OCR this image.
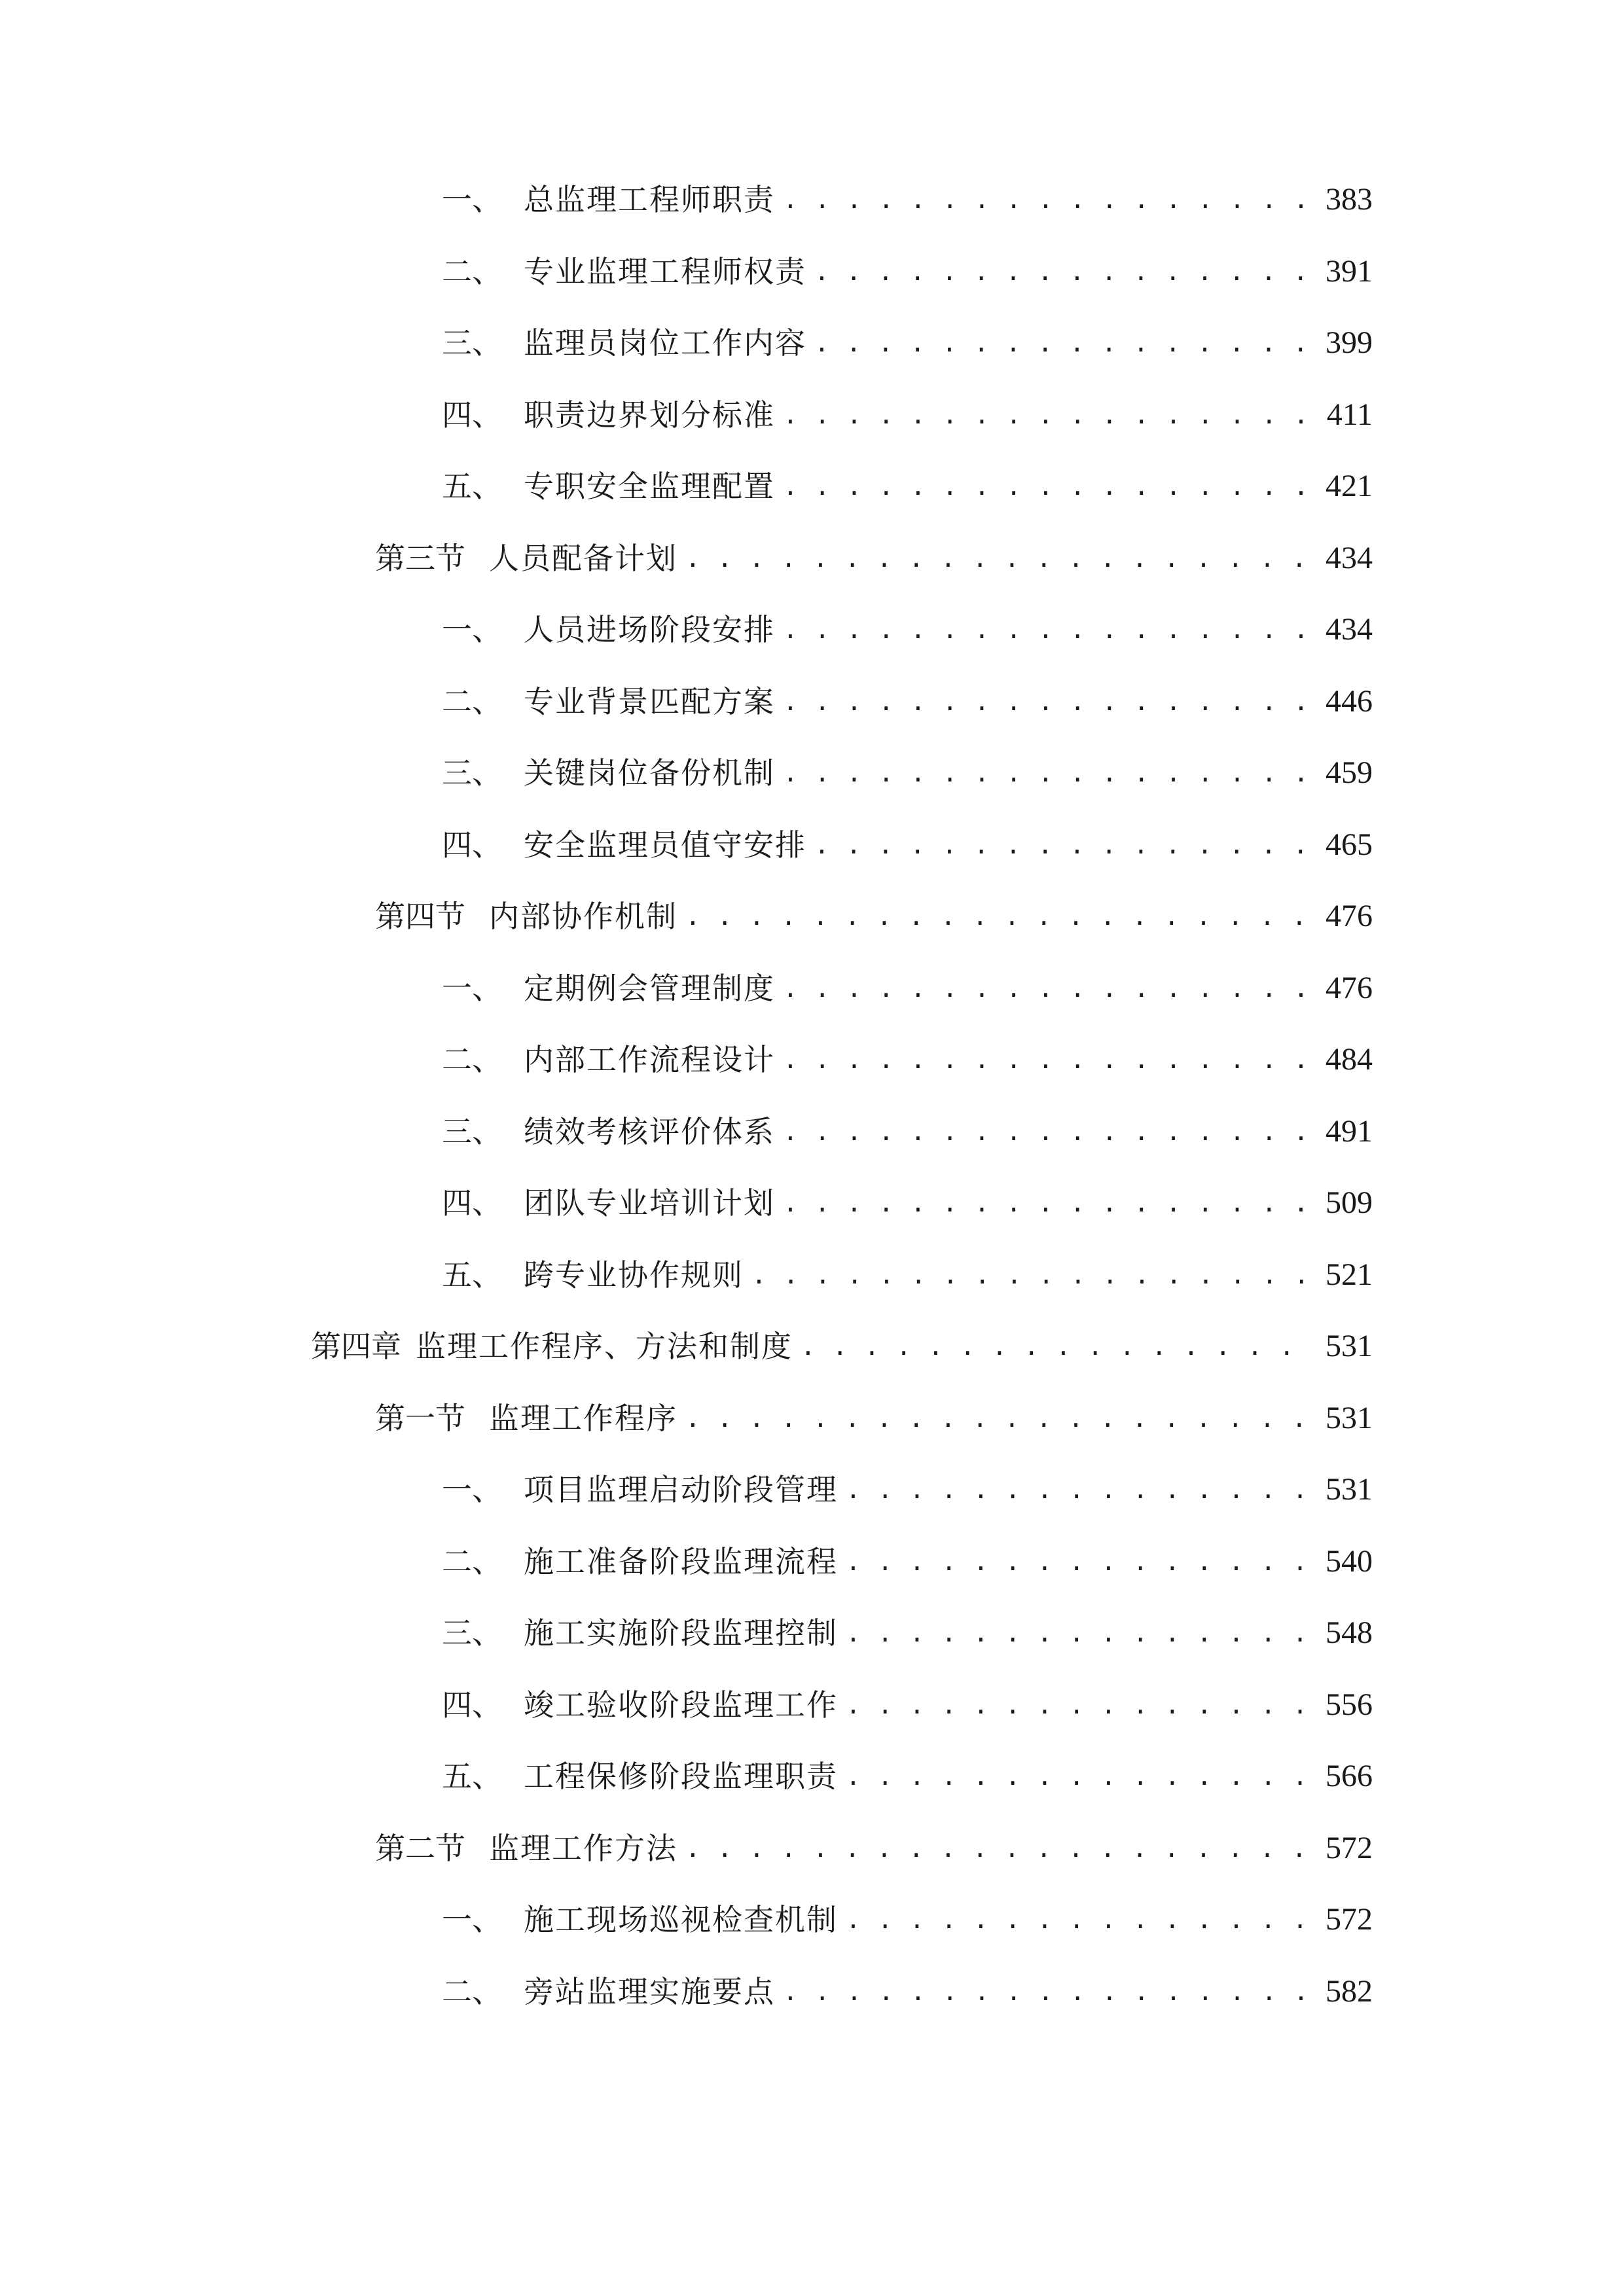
一、 总监理工程师职责 . . .	383
二、 专业监理工程师权责 . . .	391
三、 监理员岗位工作内容 . . .	399
四、 职责边界划分标准 . . .	411
五、 专职安全监理配置 . . .	421
第三节 人员配备计划 . . .	434
一、 人员进场阶段安排 . . .	434
二、 专业背景匹配方案 . . .	446
三、 关键岗位备份机制 . . .	459
四、 安全监理员值守安排 . . .	465
第四节 内部协作机制 . . .	476
一、 定期例会管理制度 . . .	476
二、 内部工作流程设计 . . .	484
三、 绩效考核评价体系 . . .	491
四、 团队专业培训计划 . . .	509
五、 跨专业协作规则 . . .	521
第四章 监理工作程序、方法和制度 . . .	531
第一节 监理工作程序 . . .	531
一、 项目监理启动阶段管理 . . .	531
二、 施工准备阶段监理流程 . . .	540
三、 施工实施阶段监理控制 . . .	548
四、 竣工验收阶段监理工作 . . .	556
五、 工程保修阶段监理职责 . . .	566
第二节 监理工作方法 . . .	572
一、 施工现场巡视检查机制 . . .	572
二、 旁站监理实施要点 . . .	582
